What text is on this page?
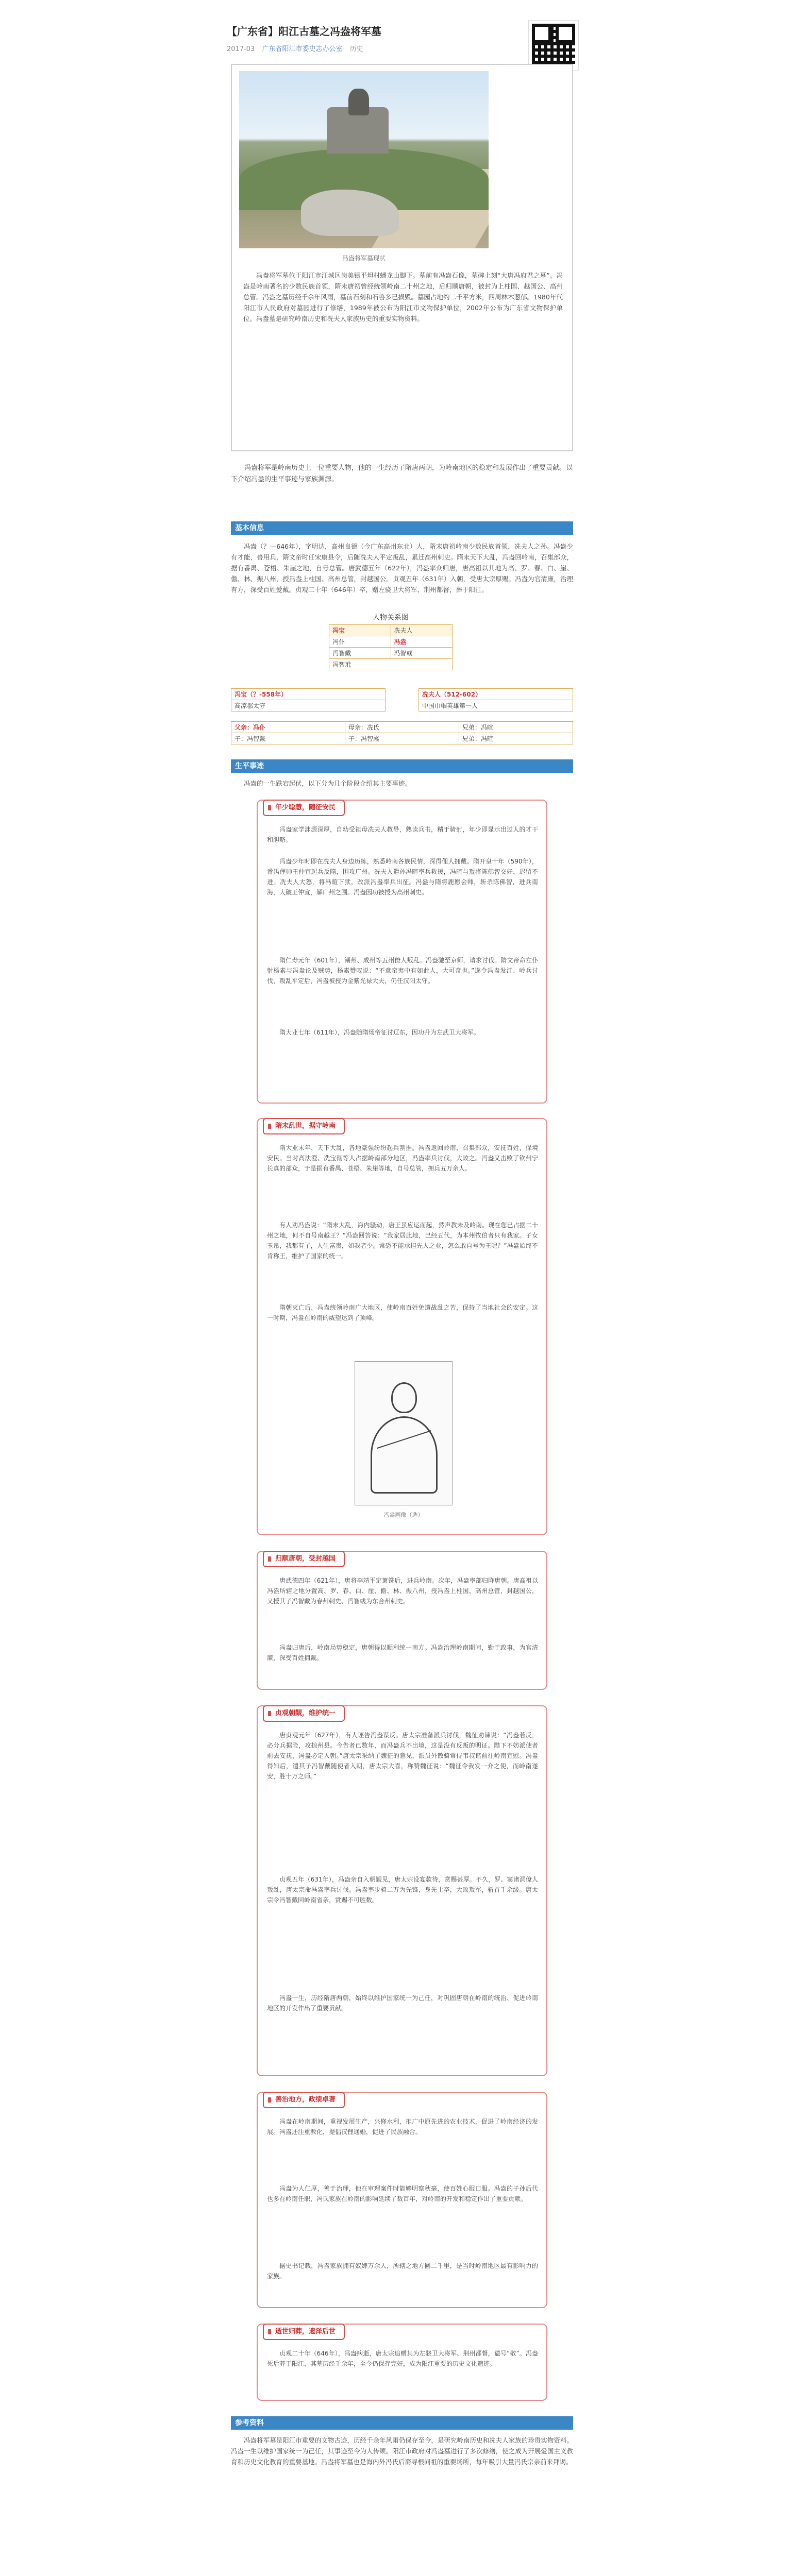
【广东省】阳江古墓之冯盎将军墓
2017-03 广东省阳江市委史志办公室 历史
冯盎将军墓现状
冯盎将军墓位于阳江市江城区岗美镇平坦村蟠龙山脚下。墓前有冯盎石像，墓碑上刻“大唐冯府君之墓”。冯盎是岭南著名的少数民族首领，隋末唐初曾经统领岭南二十州之地，后归顺唐朝，被封为上柱国、越国公、高州总管。冯盎之墓历经千余年风雨，墓前石刻和石兽多已损毁。墓园占地约二千平方米，四周林木葱郁。1980年代阳江市人民政府对墓园进行了修缮，1989年被公布为阳江市文物保护单位，2002年公布为广东省文物保护单位。冯盎墓是研究岭南历史和冼夫人家族历史的重要实物资料。
冯盎将军是岭南历史上一位重要人物，他的一生经历了隋唐两朝，为岭南地区的稳定和发展作出了重要贡献。以下介绍冯盎的生平事迹与家族渊源。
基本信息
冯盎（？—646年），字明达，高州良德（今广东高州东北）人，隋末唐初岭南少数民族首领，冼夫人之孙。冯盎少有才能，善用兵，隋文帝时任宋康县令，后随冼夫人平定叛乱，累迁高州刺史。隋末天下大乱，冯盎回岭南，召集部众，据有番禺、苍梧、朱崖之地，自号总管。唐武德五年（622年），冯盎率众归唐，唐高祖以其地为高、罗、春、白、崖、儋、林、振八州，授冯盎上柱国、高州总管，封越国公。贞观五年（631年）入朝，受唐太宗厚赐。冯盎为官清廉，治理有方，深受百姓爱戴。贞观二十年（646年）卒，赠左骁卫大将军、荆州都督，葬于阳江。
人物关系图
冯宝	冼夫人
冯仆	冯盎
冯智戴	冯智彧
冯智玳	
冯宝（？-558年）
高凉郡太守
冼夫人（512-602）
中国巾帼英雄第一人
父亲：冯仆	母亲：冼氏	兄弟：冯暄
子：冯智戴	子：冯智彧	兄弟：冯暄
生平事迹
冯盎的一生跌宕起伏，以下分为几个阶段介绍其主要事迹。
年少聪慧，随征安民
冯盎家学渊源深厚，自幼受祖母冼夫人教导，熟读兵书，精于骑射，年少即显示出过人的才干和胆略。
冯盎少年时即在冼夫人身边历练，熟悉岭南各族民情，深得俚人拥戴。隋开皇十年（590年），番禺俚帅王仲宣起兵反隋，围攻广州。冼夫人遣孙冯暄率兵救援，冯暄与叛将陈佛智交好，迟留不进。冼夫人大怒，将冯暄下狱，改派冯盎率兵出征。冯盎与隋将鹿愿会师，斩杀陈佛智，进兵南海，大破王仲宣，解广州之围。冯盎因功被授为高州刺史。
隋仁寿元年（601年），潮州、成州等五州僚人叛乱。冯盎驰至京师，请求讨伐。隋文帝命左仆射杨素与冯盎论及贼势，杨素赞叹说：“不意蛮夷中有如此人，大可奇也。”遂令冯盎发江、岭兵讨伐，叛乱平定后，冯盎被授为金紫光禄大夫，仍任汉阳太守。
隋大业七年（611年），冯盎随隋炀帝征讨辽东，因功升为左武卫大将军。
隋末乱世，据守岭南
隋大业末年，天下大乱，各地豪强纷纷起兵割据。冯盎返回岭南，召集部众，安抚百姓，保境安民。当时高法澄、冼宝彻等人占据岭南部分地区，冯盎率兵讨伐，大败之。冯盎又击败了钦州宁长真的部众，于是据有番禺、苍梧、朱崖等地，自号总管，拥兵五万余人。
有人劝冯盎说：“隋末大乱，海内骚动，唐王虽应运而起，然声教未及岭南。现在您已占据二十州之地，何不自号南越王？”冯盎回答说：“我家居此地，已经五代，为本州牧伯者只有我家。子女玉帛，我都有了，人生富贵，如我者少。常恐不能承担先人之业，怎么敢自号为王呢？”冯盎始终不肯称王，维护了国家的统一。
隋朝灭亡后，冯盎统领岭南广大地区，使岭南百姓免遭战乱之苦，保持了当地社会的安定。这一时期，冯盎在岭南的威望达到了顶峰。
冯盎画像（选）
归顺唐朝，受封越国
唐武德四年（621年），唐将李靖平定萧铣后，进兵岭南。次年，冯盎率部归降唐朝。唐高祖以冯盎所辖之地分置高、罗、春、白、崖、儋、林、振八州，授冯盎上柱国、高州总管，封越国公，又授其子冯智戴为春州刺史、冯智彧为东合州刺史。
冯盎归唐后，岭南局势稳定，唐朝得以顺利统一南方。冯盎治理岭南期间，勤于政事，为官清廉，深受百姓拥戴。
贞观朝觐，维护统一
唐贞观元年（627年），有人诬告冯盎谋反。唐太宗准备派兵讨伐，魏征劝谏说：“冯盎若反，必分兵据险，攻掠州县。今告者已数年，而冯盎兵不出境，这是没有反叛的明证。陛下不妨派使者前去安抚，冯盎必定入朝。”唐太宗采纳了魏征的意见，派员外散骑常侍韦叔谐前往岭南宣慰。冯盎得知后，遣其子冯智戴随使者入朝，唐太宗大喜，称赞魏征说：“魏征令我发一介之使，而岭南遂安，胜十万之师。”
贞观五年（631年），冯盎亲自入朝觐见，唐太宗设宴款待，赏赐甚厚。不久，罗、窦诸洞僚人叛乱，唐太宗命冯盎率兵讨伐。冯盎率步骑二万为先锋，身先士卒，大败叛军，斩首千余级。唐太宗令冯智戴回岭南省亲，赏赐不可胜数。
冯盎一生，历经隋唐两朝，始终以维护国家统一为己任，对巩固唐朝在岭南的统治、促进岭南地区的开发作出了重要贡献。
善治地方，政绩卓著
冯盎在岭南期间，重视发展生产，兴修水利，推广中原先进的农业技术，促进了岭南经济的发展。冯盎还注重教化，提倡汉俚通婚，促进了民族融合。
冯盎为人仁厚，善于治理，他在审理案件时能够明察秋毫，使百姓心服口服。冯盎的子孙后代也多在岭南任职，冯氏家族在岭南的影响延续了数百年，对岭南的开发和稳定作出了重要贡献。
据史书记载，冯盎家族拥有奴婢万余人，所辖之地方圆二千里，是当时岭南地区最有影响力的家族。
逝世归葬，遗泽后世
贞观二十年（646年），冯盎病逝，唐太宗追赠其为左骁卫大将军、荆州都督，谥号“敬”。冯盎死后葬于阳江，其墓历经千余年，至今仍保存完好，成为阳江重要的历史文化遗迹。
参考资料
冯盎将军墓是阳江市重要的文物古迹，历经千余年风雨仍保存至今，是研究岭南历史和冼夫人家族的珍贵实物资料。冯盎一生以维护国家统一为己任，其事迹至今为人传颂。阳江市政府对冯盎墓进行了多次修缮，使之成为开展爱国主义教育和历史文化教育的重要基地。冯盎将军墓也是海内外冯氏后裔寻根问祖的重要场所，每年吸引大量冯氏宗亲前来拜谒。
